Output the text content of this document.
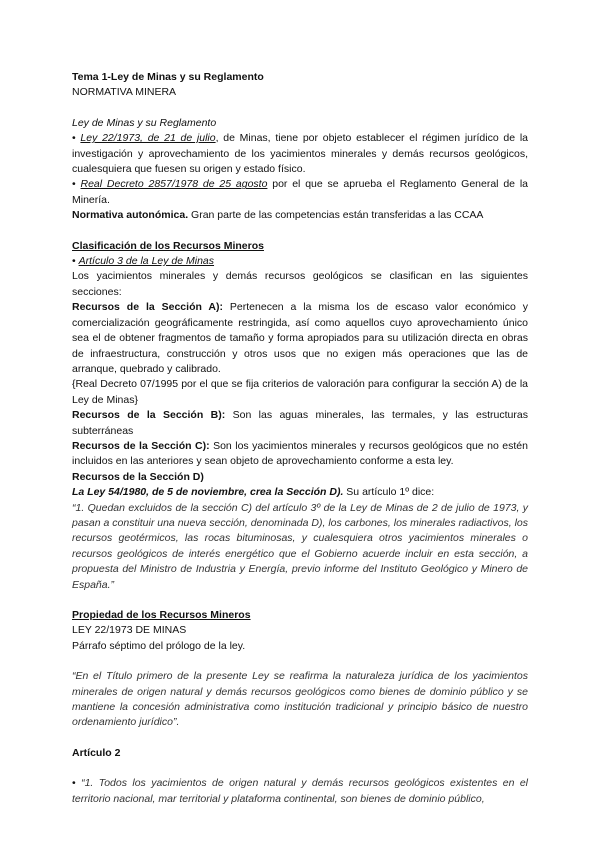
Tema 1-Ley de Minas y su Reglamento

NORMATIVA MINERA

Ley de Minas y su Reglamento

• Ley 22/1973, de 21 de julio, de Minas, tiene por objeto establecer el régimen jurídico de la investigación y aprovechamiento de los yacimientos minerales y demás recursos geológicos, cualesquiera que fuesen su origen y estado físico.

• Real Decreto 2857/1978 de 25 agosto por el que se aprueba el Reglamento General de la Minería.

Normativa autonómica. Gran parte de las competencias están transferidas a las CCAA

Clasificación de los Recursos Mineros

• Artículo 3 de la Ley de Minas

Los yacimientos minerales y demás recursos geológicos se clasifican en las siguientes secciones:

Recursos de la Sección A): Pertenecen a la misma los de escaso valor económico y comercialización geográficamente restringida, así como aquellos cuyo aprovechamiento único sea el de obtener fragmentos de tamaño y forma apropiados para su utilización directa en obras de infraestructura, construcción y otros usos que no exigen más operaciones que las de arranque, quebrado y calibrado.

{Real Decreto 07/1995 por el que se fija criterios de valoración para configurar la sección A) de la Ley de Minas}

Recursos de la Sección B): Son las aguas minerales, las termales, y las estructuras subterráneas

Recursos de la Sección C): Son los yacimientos minerales y recursos geológicos que no estén incluidos en las anteriores y sean objeto de aprovechamiento conforme a esta ley.

Recursos de la Sección D)

La Ley 54/1980, de 5 de noviembre, crea la Sección D). Su artículo 1º dice:

“1. Quedan excluidos de la sección C) del artículo 3º de la Ley de Minas de 2 de julio de 1973, y pasan a constituir una nueva sección, denominada D), los carbones, los minerales radiactivos, los recursos geotérmicos, las rocas bituminosas, y cualesquiera otros yacimientos minerales o recursos geológicos de interés energético que el Gobierno acuerde incluir en esta sección, a propuesta del Ministro de Industria y Energía, previo informe del Instituto Geológico y Minero de España.”

Propiedad de los Recursos Mineros

LEY 22/1973 DE MINAS

Párrafo séptimo del prólogo de la ley.

“En el Título primero de la presente Ley se reafirma la naturaleza jurídica de los yacimientos minerales de origen natural y demás recursos geológicos como bienes de dominio público y se mantiene la concesión administrativa como institución tradicional y principio básico de nuestro ordenamiento jurídico”.

Artículo 2

• “1. Todos los yacimientos de origen natural y demás recursos geológicos existentes en el territorio nacional, mar territorial y plataforma continental, son bienes de dominio público,
